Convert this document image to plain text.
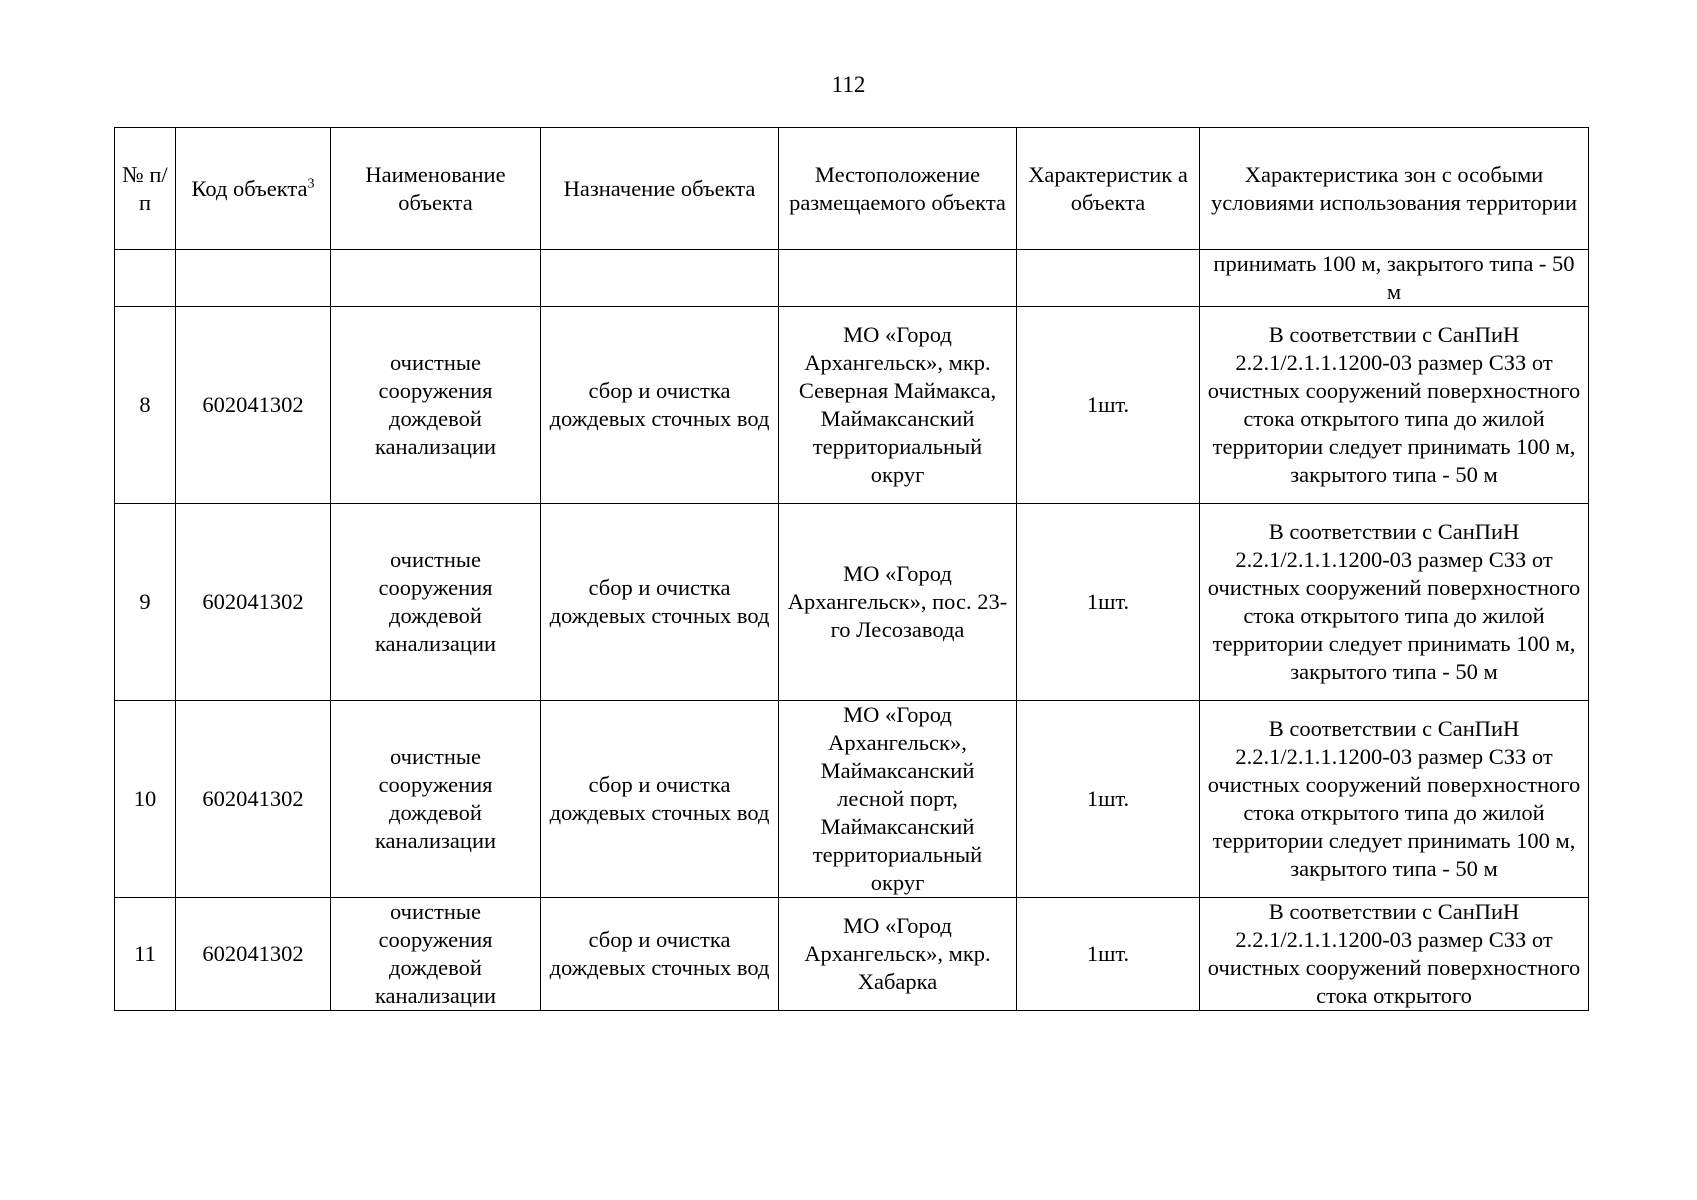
112
№ п/п	Код объекта$^3$	Наименование объекта	Назначение объекта	Местоположение размещаемого объекта	Характеристик а объекта	Характеристика зон с особыми условиями использования территории
						принимать 100 м, закрытого типа - 50 м
8	602041302	очистные сооружения дождевой канализации	сбор и очистка дождевых сточных вод	МО «Город Архангельск», мкр. Северная Маймакса, Маймаксанский территориальный округ	1шт.	В соответствии с СанПиН 2.2.1/2.1.1.1200-03 размер СЗЗ от очистных сооружений поверхностного стока открытого типа до жилой территории следует принимать 100 м, закрытого типа - 50 м
9	602041302	очистные сооружения дождевой канализации	сбор и очистка дождевых сточных вод	МО «Город Архангельск», пос. 23-го Лесозавода	1шт.	В соответствии с СанПиН 2.2.1/2.1.1.1200-03 размер СЗЗ от очистных сооружений поверхностного стока открытого типа до жилой территории следует принимать 100 м, закрытого типа - 50 м
10	602041302	очистные сооружения дождевой канализации	сбор и очистка дождевых сточных вод	МО «Город Архангельск», Маймаксанский лесной порт, Маймаксанский территориальный округ	1шт.	В соответствии с СанПиН 2.2.1/2.1.1.1200-03 размер СЗЗ от очистных сооружений поверхностного стока открытого типа до жилой территории следует принимать 100 м, закрытого типа - 50 м
11	602041302	очистные сооружения дождевой канализации	сбор и очистка дождевых сточных вод	МО «Город Архангельск», мкр. Хабарка	1шт.	В соответствии с СанПиН 2.2.1/2.1.1.1200-03 размер СЗЗ от очистных сооружений поверхностного стока открытого
